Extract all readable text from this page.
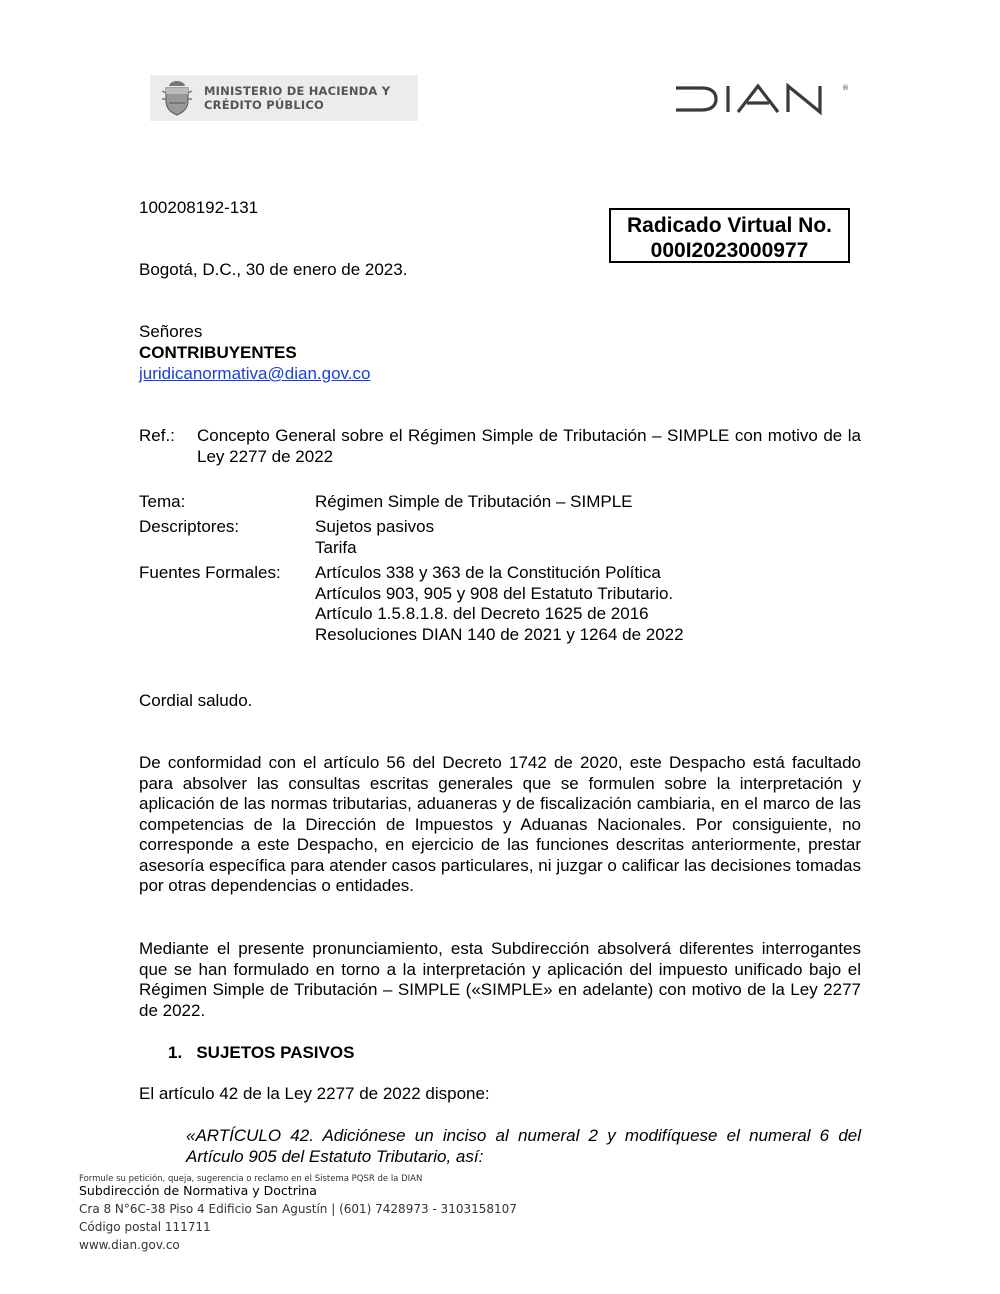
MINISTERIO DE HACIENDA Y
CRÉDITO PÚBLICO
®
100208192-131
Radicado Virtual No.
000I2023000977
Bogotá, D.C., 30 de enero de 2023.
Señores
CONTRIBUYENTES
juridicanormativa@dian.gov.co
Ref.: Concepto General sobre el Régimen Simple de Tributación – SIMPLE con motivo de la Ley 2277 de 2022
Tema:	Régimen Simple de Tributación – SIMPLE
Descriptores:	Sujetos pasivos
Tarifa
Fuentes Formales: Artículos 338 y 363 de la Constitución Política
Artículos 903, 905 y 908 del Estatuto Tributario.
Artículo 1.5.8.1.8. del Decreto 1625 de 2016
Resoluciones DIAN 140 de 2021 y 1264 de 2022
Cordial saludo.
De conformidad con el artículo 56 del Decreto 1742 de 2020, este Despacho está facultado para absolver las consultas escritas generales que se formulen sobre la interpretación y aplicación de las normas tributarias, aduaneras y de fiscalización cambiaria, en el marco de las competencias de la Dirección de Impuestos y Aduanas Nacionales. Por consiguiente, no corresponde a este Despacho, en ejercicio de las funciones descritas anteriormente, prestar asesoría específica para atender casos particulares, ni juzgar o calificar las decisiones tomadas por otras dependencias o entidades.
Mediante el presente pronunciamiento, esta Subdirección absolverá diferentes interrogantes que se han formulado en torno a la interpretación y aplicación del impuesto unificado bajo el Régimen Simple de Tributación – SIMPLE («SIMPLE» en adelante) con motivo de la Ley 2277 de 2022.
1.   SUJETOS PASIVOS
El artículo 42 de la Ley 2277 de 2022 dispone:
«ARTÍCULO 42. Adiciónese un inciso al numeral 2 y modifíquese el numeral 6 del Artículo 905 del Estatuto Tributario, así:
Formule su petición, queja, sugerencia o reclamo en el Sistema PQSR de la DIAN
Subdirección de Normativa y Doctrina
Cra 8 N°6C-38 Piso 4 Edificio San Agustín | (601) 7428973 - 3103158107
Código postal 111711
www.dian.gov.co
